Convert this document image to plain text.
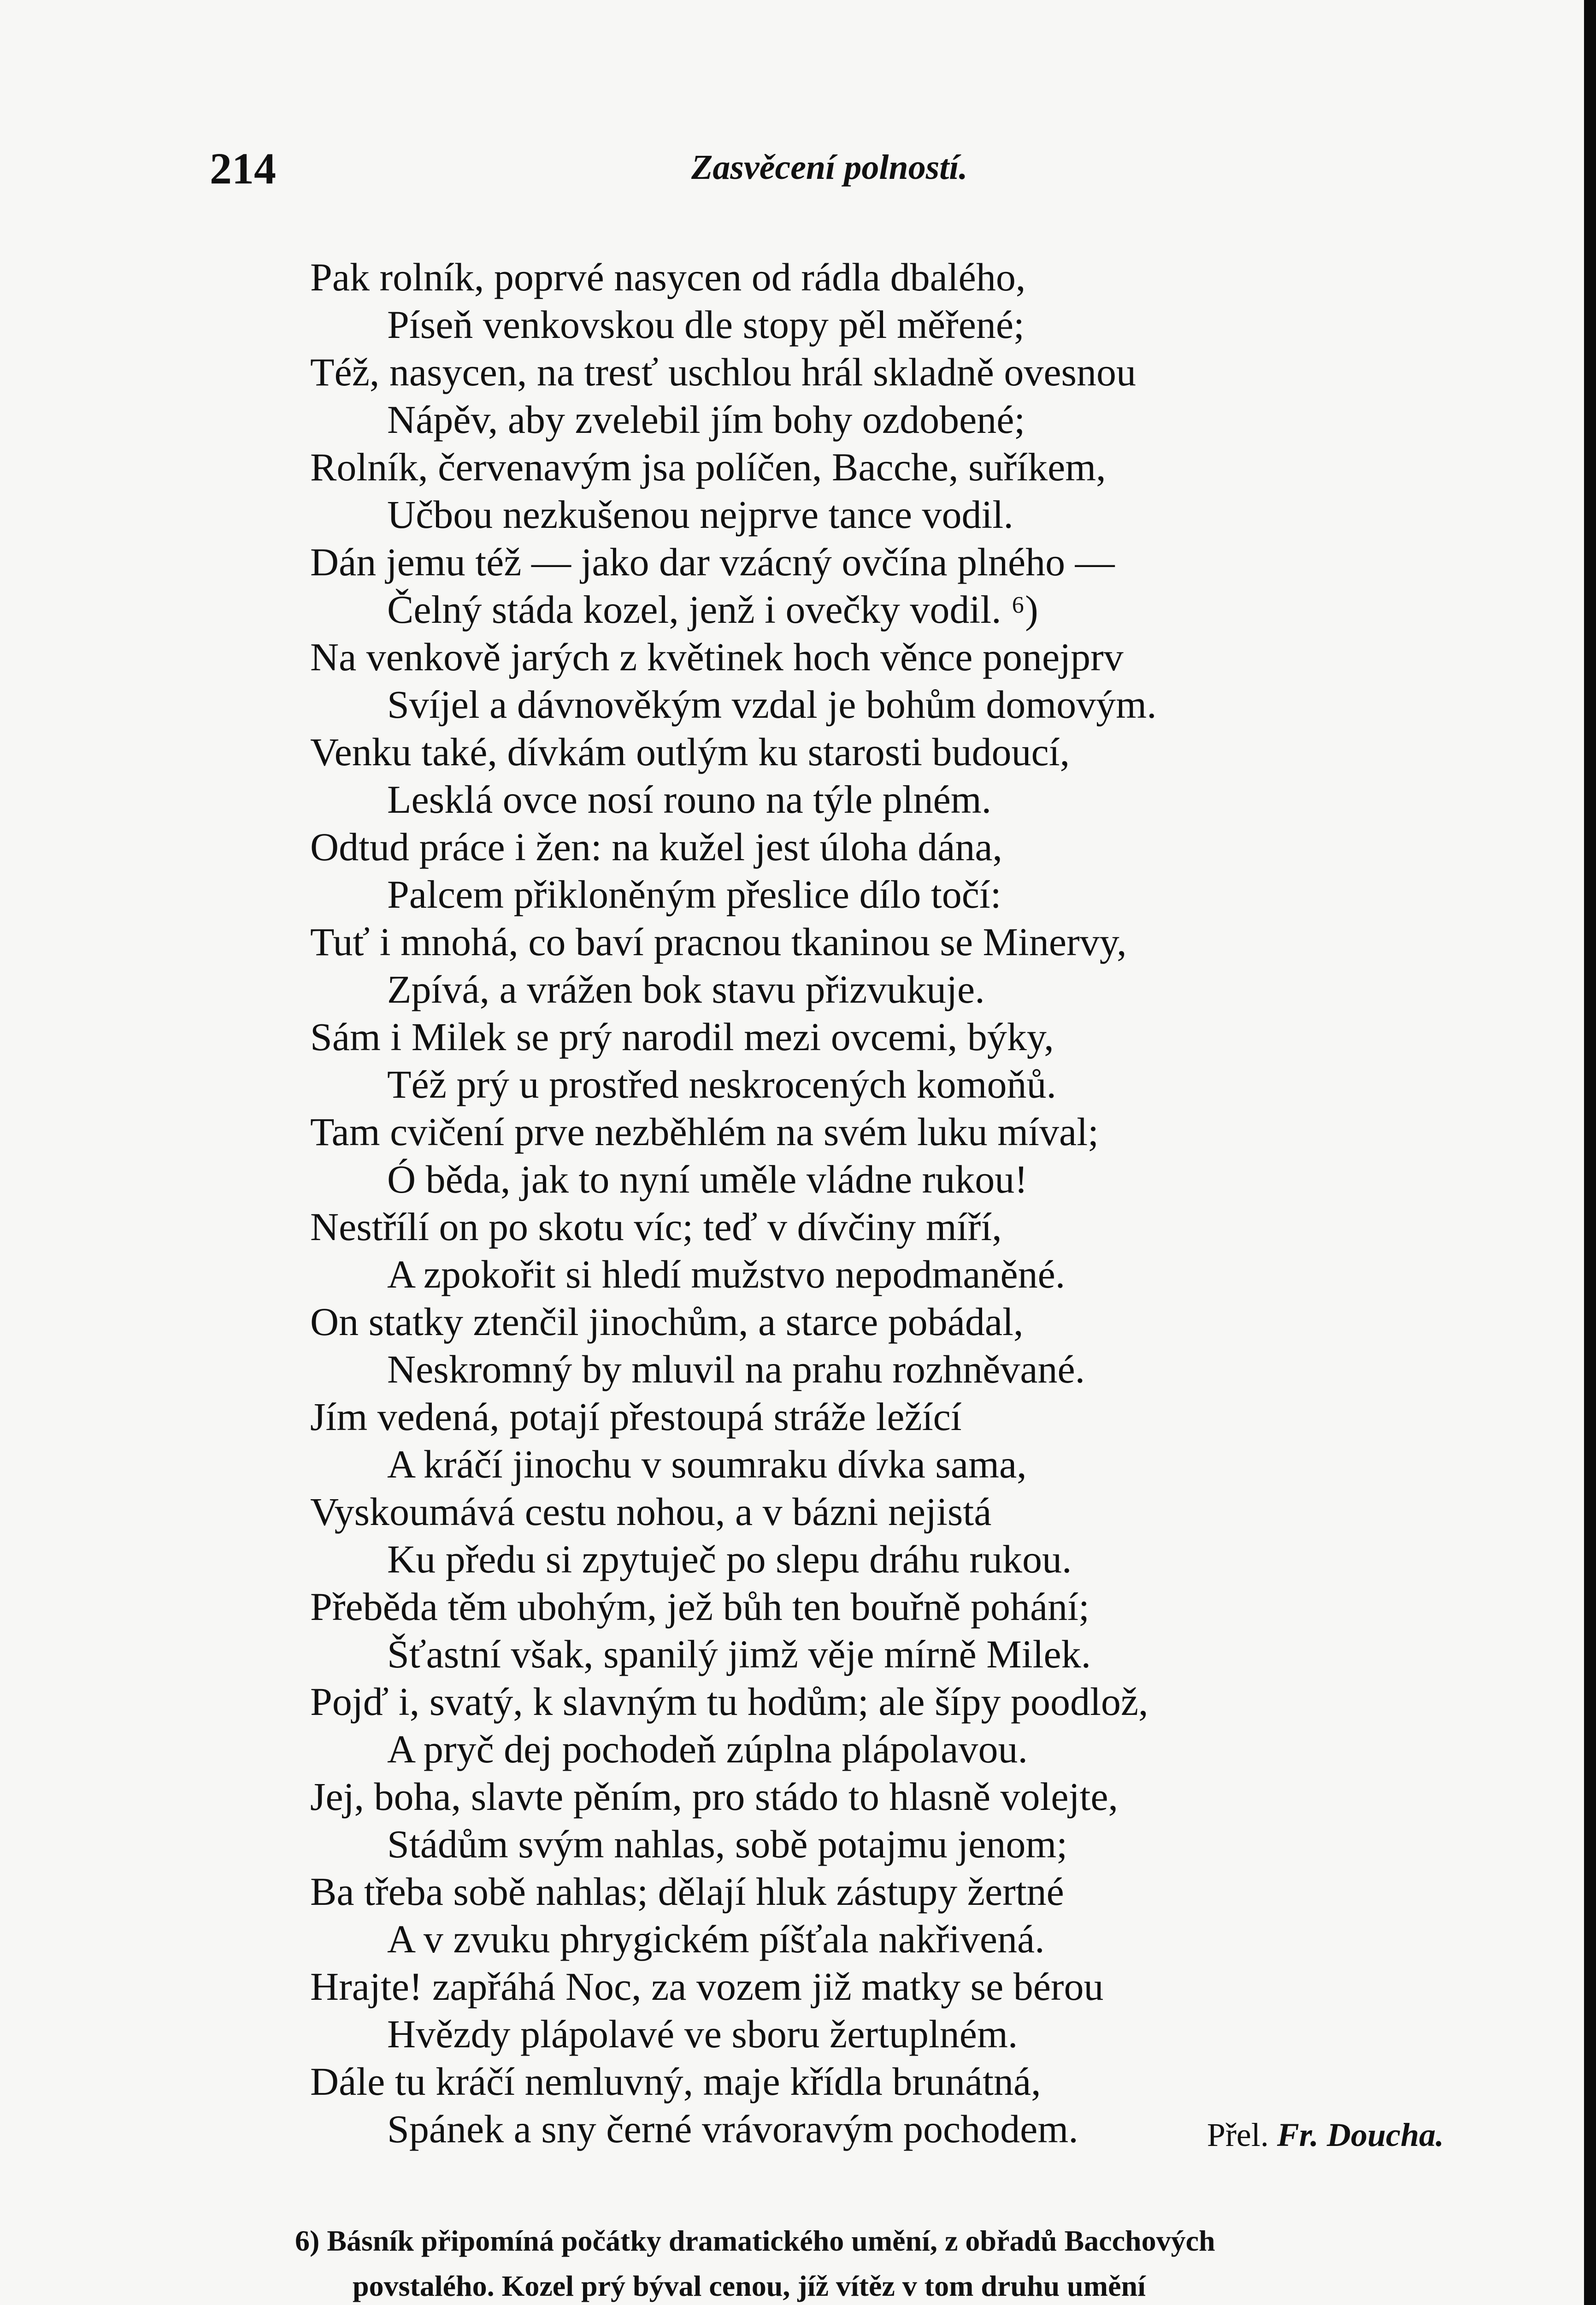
214	Zasvěcení polností.
Pak rolník, poprvé nasycen od rádla dbalého,
Píseň venkovskou dle stopy pěl měřené;
Též, nasycen, na tresť uschlou hrál skladně ovesnou
Nápěv, aby zvelebil jím bohy ozdobené;
Rolník, červenavým jsa políčen, Bacche, suříkem,
Učbou nezkušenou nejprve tance vodil.
Dán jemu též — jako dar vzácný ovčína plného —
Čelný stáda kozel, jenž i ovečky vodil. ⁶)
Na venkově jarých z květinek hoch věnce ponejprv
Svíjel a dávnověkým vzdal je bohům domovým.
Venku také, dívkám outlým ku starosti budoucí,
Lesklá ovce nosí rouno na týle plném.
Odtud práce i žen: na kužel jest úloha dána,
Palcem přikloněným přeslice dílo točí:
Tuť i mnohá, co baví pracnou tkaninou se Minervy,
Zpívá, a vrážen bok stavu přizvukuje.
Sám i Milek se prý narodil mezi ovcemi, býky,
Též prý u prostřed neskrocených komoňů.
Tam cvičení prve nezběhlém na svém luku míval;
Ó běda, jak to nyní uměle vládne rukou!
Nestřílí on po skotu víc; teď v dívčiny míří,
A zpokořit si hledí mužstvo nepodmaněné.
On statky ztenčil jinochům, a starce pobádal,
Neskromný by mluvil na prahu rozhněvané.
Jím vedená, potají přestoupá stráže ležící
A kráčí jinochu v soumraku dívka sama,
Vyskoumává cestu nohou, a v bázni nejistá
Ku předu si zpytuječ po slepu dráhu rukou.
Přeběda těm ubohým, jež bůh ten bouřně pohání;
Šťastní však, spanilý jimž věje mírně Milek.
Pojď i, svatý, k slavným tu hodům; ale šípy poodlož,
A pryč dej pochodeň zúplna plápolavou.
Jej, boha, slavte pěním, pro stádo to hlasně volejte,
Stádům svým nahlas, sobě potajmu jenom;
Ba třeba sobě nahlas; dělají hluk zástupy žertné
A v zvuku phrygickém píšťala nakřivená.
Hrajte! zapřáhá Noc, za vozem již matky se bérou
Hvězdy plápolavé ve sboru žertuplném.
Dále tu kráčí nemluvný, maje křídla brunátná,
Spánek a sny černé vrávoravým pochodem.	Přel. Fr. Doucha.
6) Básník připomíná počátky dramatického umění, z obřadů Bacchových
povstalého. Kozel prý býval cenou, jíž vítěz v tom druhu umění
